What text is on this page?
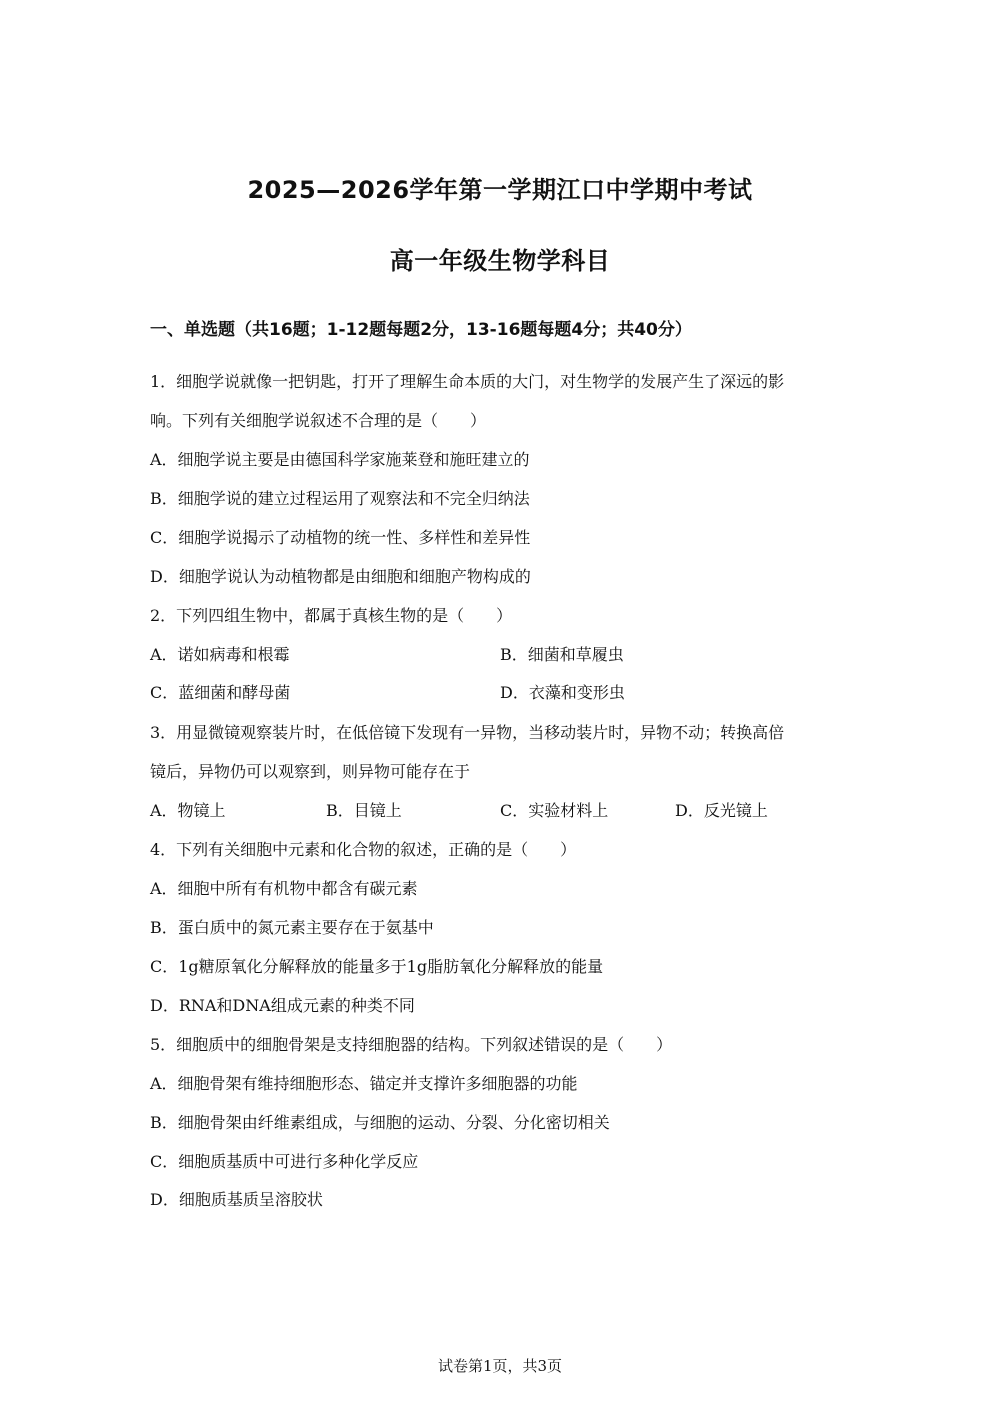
2025—2026学年第一学期江口中学期中考试
高一年级生物学科目
一、单选题（共16题；1-12题每题2分，13-16题每题4分；共40分）
1．细胞学说就像一把钥匙，打开了理解生命本质的大门，对生物学的发展产生了深远的影
响。下列有关细胞学说叙述不合理的是（　　）
A．细胞学说主要是由德国科学家施莱登和施旺建立的
B．细胞学说的建立过程运用了观察法和不完全归纳法
C．细胞学说揭示了动植物的统一性、多样性和差异性
D．细胞学说认为动植物都是由细胞和细胞产物构成的
2．下列四组生物中，都属于真核生物的是（　　）
A．诺如病毒和根霉	B．细菌和草履虫
C．蓝细菌和酵母菌	D．衣藻和变形虫
3．用显微镜观察装片时，在低倍镜下发现有一异物，当移动装片时，异物不动；转换高倍
镜后，异物仍可以观察到，则异物可能存在于
A．物镜上	B．目镜上	C．实验材料上	D．反光镜上
4．下列有关细胞中元素和化合物的叙述，正确的是（　　）
A．细胞中所有有机物中都含有碳元素
B．蛋白质中的氮元素主要存在于氨基中
C．1g糖原氧化分解释放的能量多于1g脂肪氧化分解释放的能量
D．RNA和DNA组成元素的种类不同
5．细胞质中的细胞骨架是支持细胞器的结构。下列叙述错误的是（　　）
A．细胞骨架有维持细胞形态、锚定并支撑许多细胞器的功能
B．细胞骨架由纤维素组成，与细胞的运动、分裂、分化密切相关
C．细胞质基质中可进行多种化学反应
D．细胞质基质呈溶胶状
试卷第1页，共3页
